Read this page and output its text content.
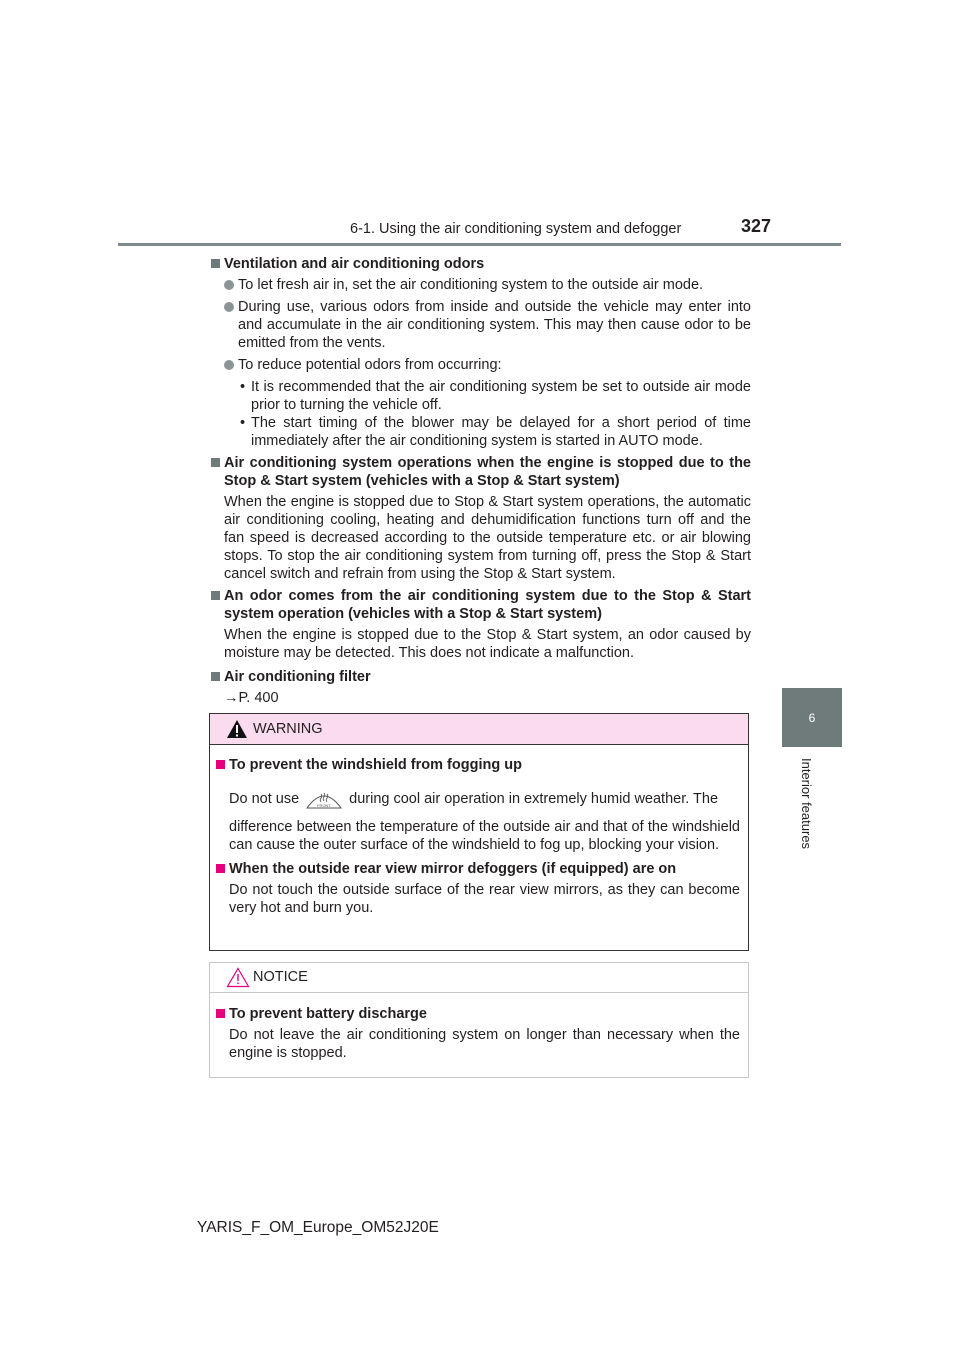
6-1. Using the air conditioning system and defogger	327
6
Interior features

Ventilation and air conditioning odors

To let fresh air in, set the air conditioning system to the outside air mode.

During use, various odors from inside and outside the vehicle may enter into and accumulate in the air conditioning system. This may then cause odor to be emitted from the vents.

To reduce potential odors from occurring:

• It is recommended that the air conditioning system be set to outside air mode prior to turning the vehicle off.

• The start timing of the blower may be delayed for a short period of time immediately after the air conditioning system is started in AUTO mode.

Air conditioning system operations when the engine is stopped due to the Stop & Start system (vehicles with a Stop & Start system)

When the engine is stopped due to Stop & Start system operations, the automatic air conditioning cooling, heating and dehumidification functions turn off and the fan speed is decreased according to the outside temperature etc. or air blowing stops. To stop the air conditioning system from turning off, press the Stop & Start cancel switch and refrain from using the Stop & Start system.

An odor comes from the air conditioning system due to the Stop & Start system operation (vehicles with a Stop & Start system)

When the engine is stopped due to the Stop & Start system, an odor caused by moisture may be detected. This does not indicate a malfunction.

Air conditioning filter

→P. 400

WARNING

To prevent the windshield from fogging up

Do not use	FRONT during cool air operation in extremely humid weather. The

difference between the temperature of the outside air and that of the windshield can cause the outer surface of the windshield to fog up, blocking your vision.

When the outside rear view mirror defoggers (if equipped) are on

Do not touch the outside surface of the rear view mirrors, as they can become very hot and burn you.

NOTICE

To prevent battery discharge

Do not leave the air conditioning system on longer than necessary when the engine is stopped.

YARIS_F_OM_Europe_OM52J20E
